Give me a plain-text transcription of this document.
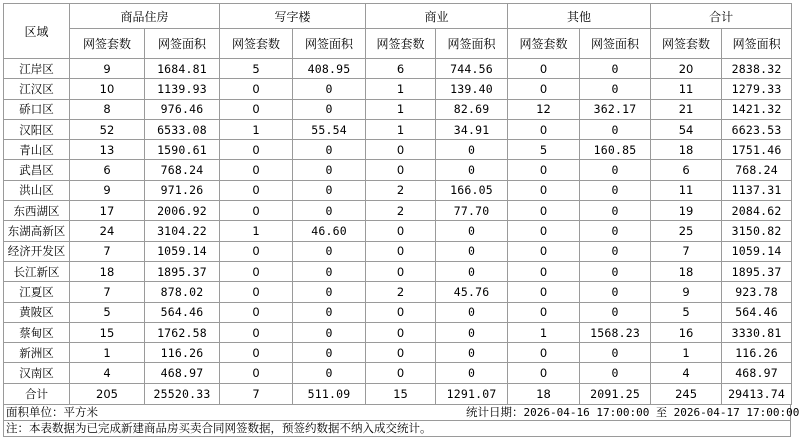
区域	商品住房		写字楼		商业		其他		合计	
	网签套数	网签面积	网签套数	网签面积	网签套数	网签面积	网签套数	网签面积	网签套数	网签面积
江岸区	9	1684.81	5	408.95	6	744.56	0	0	20	2838.32
江汉区	10	1139.93	0	0	1	139.40	0	0	11	1279.33
硚口区	8	976.46	0	0	1	82.69	12	362.17	21	1421.32
汉阳区	52	6533.08	1	55.54	1	34.91	0	0	54	6623.53
青山区	13	1590.61	0	0	0	0	5	160.85	18	1751.46
武昌区	6	768.24	0	0	0	0	0	0	6	768.24
洪山区	9	971.26	0	0	2	166.05	0	0	11	1137.31
东西湖区	17	2006.92	0	0	2	77.70	0	0	19	2084.62
东湖高新区	24	3104.22	1	46.60	0	0	0	0	25	3150.82
经济开发区	7	1059.14	0	0	0	0	0	0	7	1059.14
长江新区	18	1895.37	0	0	0	0	0	0	18	1895.37
江夏区	7	878.02	0	0	2	45.76	0	0	9	923.78
黄陂区	5	564.46	0	0	0	0	0	0	5	564.46
蔡甸区	15	1762.58	0	0	0	0	1	1568.23	16	3330.81
新洲区	1	116.26	0	0	0	0	0	0	1	116.26
汉南区	4	468.97	0	0	0	0	0	0	4	468.97
合计	205	25520.33	7	511.09	15	1291.07	18	2091.25	245	29413.74
面积单位：平方米	统计日期：2026-04-16 17:00:00 至 2026-04-17 17:00:00
注：本表数据为已完成新建商品房买卖合同网签数据，预签约数据不纳入成交统计。
